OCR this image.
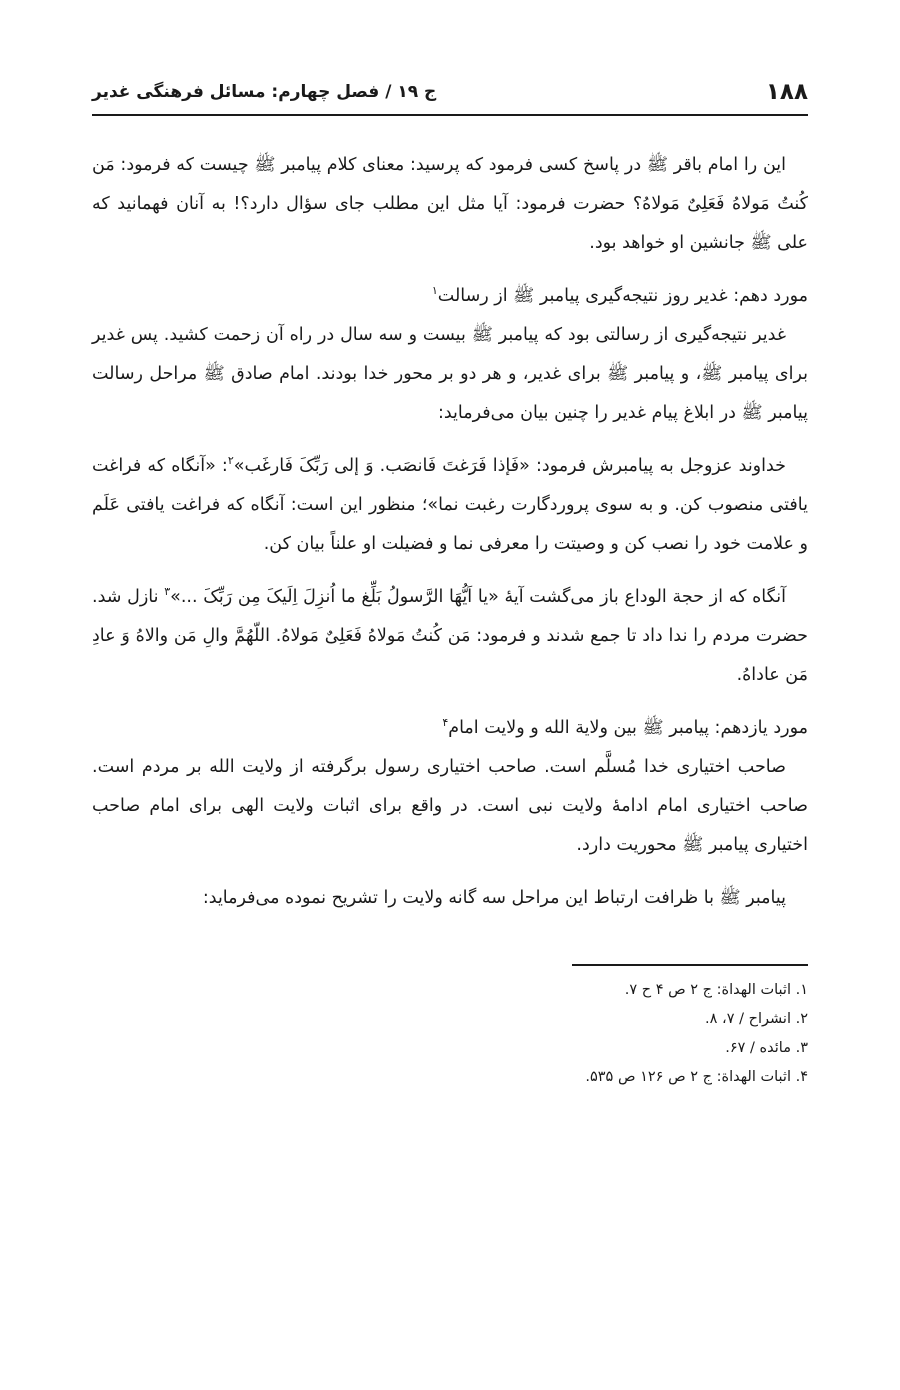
۱۸۸
ج ۱۹ / فصل چهارم: مسائل فرهنگی غدیر

این را امام باقر ﷺ در پاسخ کسی فرمود که پرسید: معنای کلام پیامبر ﷺ چیست که فرمود: مَن کُنتُ مَولاهُ فَعَلِیٌ مَولاهُ؟ حضرت فرمود: آیا مثل این مطلب جای سؤال دارد؟! به آنان فهمانید که علی ﷺ جانشین او خواهد بود.

مورد دهم: غدیر روز نتیجه‌گیری پیامبر ﷺ از رسالت$^۱$

غدیر نتیجه‌گیری از رسالتی بود که پیامبر ﷺ بیست و سه سال در راه آن زحمت کشید. پس غدیر برای پیامبر ﷺ، و پیامبر ﷺ برای غدیر، و هر دو بر محور خدا بودند. امام صادق ﷺ مراحل رسالت پیامبر ﷺ در ابلاغ پیام غدیر را چنین بیان می‌فرماید:

خداوند عزوجل به پیامبرش فرمود: «فَإذا فَرَغتَ فَانصَب. وَ إلی رَبِّکَ فَارغَب»$^۲$: «آنگاه که فراغت یافتی منصوب کن. و به سوی پروردگارت رغبت نما»؛ منظور این است: آنگاه که فراغت یافتی عَلَم و علامت خود را نصب کن و وصیتت را معرفی نما و فضیلت او علناً بیان کن.

آنگاه که از حجة الوداع باز می‌گشت آیهٔ «یا اَیُّهَا الرَّسولُ بَلِّغ ما اُنزِلَ اِلَیکَ مِن رَبِّکَ ...»$^۳$ نازل شد. حضرت مردم را ندا داد تا جمع شدند و فرمود: مَن کُنتُ مَولاهُ فَعَلِیٌ مَولاهُ. اللّهُمَّ والِ مَن والاهُ وَ عادِ مَن عاداهُ.

مورد یازدهم: پیامبر ﷺ بین ولایة الله و ولایت امام$^۴$

صاحب اختیاری خدا مُسلَّم است. صاحب اختیاری رسول برگرفته از ولایت الله بر مردم است. صاحب اختیاری امام ادامهٔ ولایت نبی است. در واقع برای اثبات ولایت الهی برای امام صاحب اختیاری پیامبر ﷺ محوریت دارد.

پیامبر ﷺ با ظرافت ارتباط این مراحل سه گانه ولایت را تشریح نموده می‌فرماید:

۱. اثبات الهداة: ج ۲ ص ۴ ح ۷.
۲. انشراح / ۷، ۸.
۳. مائده / ۶۷.
۴. اثبات الهداة: ج ۲ ص ۱۲۶ ص ۵۳۵.
